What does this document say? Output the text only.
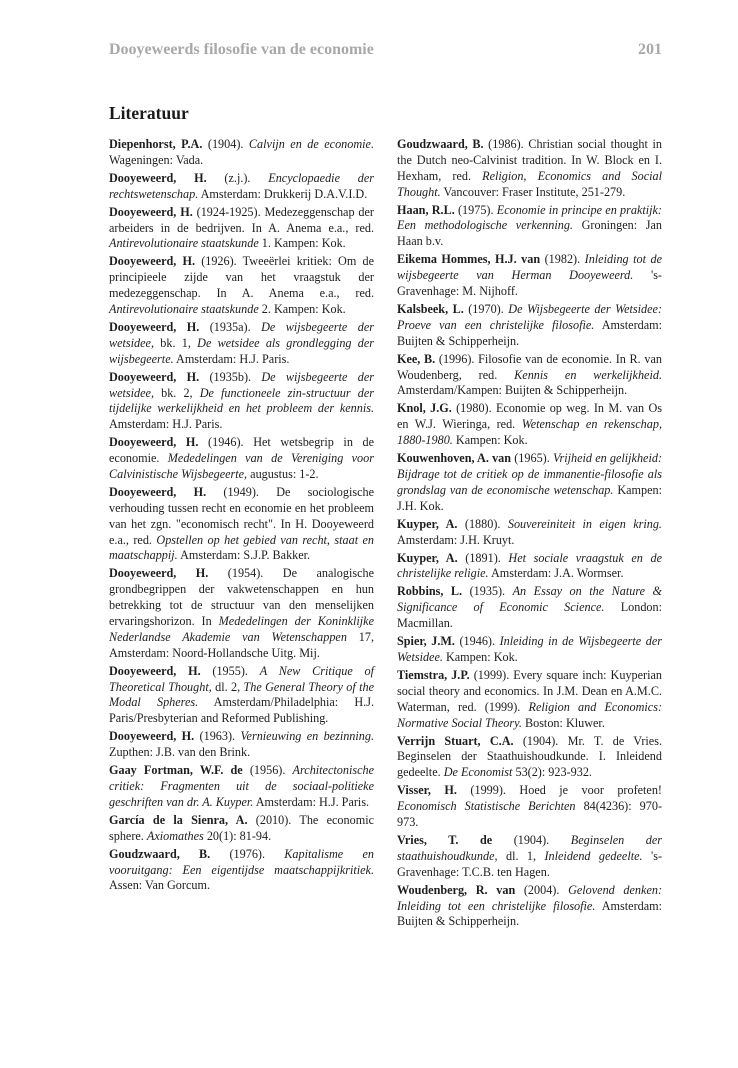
Dooyeweerds filosofie van de economie	201
Literatuur

Diepenhorst, P.A. (1904). Calvijn en de economie. Wageningen: Vada.

Dooyeweerd, H. (z.j.). Encyclopaedie der rechtswetenschap. Amsterdam: Drukkerij D.A.V.I.D.

Dooyeweerd, H. (1924-1925). Medezeggenschap der arbeiders in de bedrijven. In A. Anema e.a., red. Antirevolutionaire staatskunde 1. Kampen: Kok.

Dooyeweerd, H. (1926). Tweeërlei kritiek: Om de principieele zijde van het vraagstuk der medezeggenschap. In A. Anema e.a., red. Antirevolutionaire staatskunde 2. Kampen: Kok.

Dooyeweerd, H. (1935a). De wijsbegeerte der wetsidee, bk. 1, De wetsidee als grondlegging der wijsbegeerte. Amsterdam: H.J. Paris.

Dooyeweerd, H. (1935b). De wijsbegeerte der wetsidee, bk. 2, De functioneele zin-structuur der tijdelijke werkelijkheid en het probleem der kennis. Amsterdam: H.J. Paris.

Dooyeweerd, H. (1946). Het wetsbegrip in de economie. Mededelingen van de Vereniging voor Calvinistische Wijsbegeerte, augustus: 1-2.

Dooyeweerd, H. (1949). De sociologische verhouding tussen recht en economie en het probleem van het zgn. "economisch recht". In H. Dooyeweerd e.a., red. Opstellen op het gebied van recht, staat en maatschappij. Amsterdam: S.J.P. Bakker.

Dooyeweerd, H. (1954). De analogische grondbegrippen der vakwetenschappen en hun betrekking tot de structuur van den menselijken ervaringshorizon. In Mededelingen der Koninklijke Nederlandse Akademie van Wetenschappen 17, Amsterdam: Noord-Hollandsche Uitg. Mij.

Dooyeweerd, H. (1955). A New Critique of Theoretical Thought, dl. 2, The General Theory of the Modal Spheres. Amsterdam/Philadelphia: H.J. Paris/Presbyterian and Reformed Publishing.

Dooyeweerd, H. (1963). Vernieuwing en bezinning. Zupthen: J.B. van den Brink.

Gaay Fortman, W.F. de (1956). Architectonische critiek: Fragmenten uit de sociaal-politieke geschriften van dr. A. Kuyper. Amsterdam: H.J. Paris.

García de la Sienra, A. (2010). The economic sphere. Axiomathes 20(1): 81-94.

Goudzwaard, B. (1976). Kapitalisme en vooruitgang: Een eigentijdse maatschappijkritiek. Assen: Van Gorcum.

Goudzwaard, B. (1986). Christian social thought in the Dutch neo-Calvinist tradition. In W. Block en I. Hexham, red. Religion, Economics and Social Thought. Vancouver: Fraser Institute, 251-279.

Haan, R.L. (1975). Economie in principe en praktijk: Een methodologische verkenning. Groningen: Jan Haan b.v.

Eikema Hommes, H.J. van (1982). Inleiding tot de wijsbegeerte van Herman Dooyeweerd. 's-Gravenhage: M. Nijhoff.

Kalsbeek, L. (1970). De Wijsbegeerte der Wetsidee: Proeve van een christelijke filosofie. Amsterdam: Buijten & Schipperheijn.

Kee, B. (1996). Filosofie van de economie. In R. van Woudenberg, red. Kennis en werkelijkheid. Amsterdam/Kampen: Buijten & Schipperheijn.

Knol, J.G. (1980). Economie op weg. In M. van Os en W.J. Wieringa, red. Wetenschap en rekenschap, 1880-1980. Kampen: Kok.

Kouwenhoven, A. van (1965). Vrijheid en gelijkheid: Bijdrage tot de critiek op de immanentie-filosofie als grondslag van de economische wetenschap. Kampen: J.H. Kok.

Kuyper, A. (1880). Souvereiniteit in eigen kring. Amsterdam: J.H. Kruyt.

Kuyper, A. (1891). Het sociale vraagstuk en de christelijke religie. Amsterdam: J.A. Wormser.

Robbins, L. (1935). An Essay on the Nature & Significance of Economic Science. London: Macmillan.

Spier, J.M. (1946). Inleiding in de Wijsbegeerte der Wetsidee. Kampen: Kok.

Tiemstra, J.P. (1999). Every square inch: Kuyperian social theory and economics. In J.M. Dean en A.M.C. Waterman, red. (1999). Religion and Economics: Normative Social Theory. Boston: Kluwer.

Verrijn Stuart, C.A. (1904). Mr. T. de Vries. Beginselen der Staathuishoudkunde. I. Inleidend gedeelte. De Economist 53(2): 923-932.

Visser, H. (1999). Hoed je voor profeten! Economisch Statistische Berichten 84(4236): 970-973.

Vries, T. de (1904). Beginselen der staathuishoudkunde, dl. 1, Inleidend gedeelte. 's-Gravenhage: T.C.B. ten Hagen.

Woudenberg, R. van (2004). Gelovend denken: Inleiding tot een christelijke filosofie. Amsterdam: Buijten & Schipperheijn.
